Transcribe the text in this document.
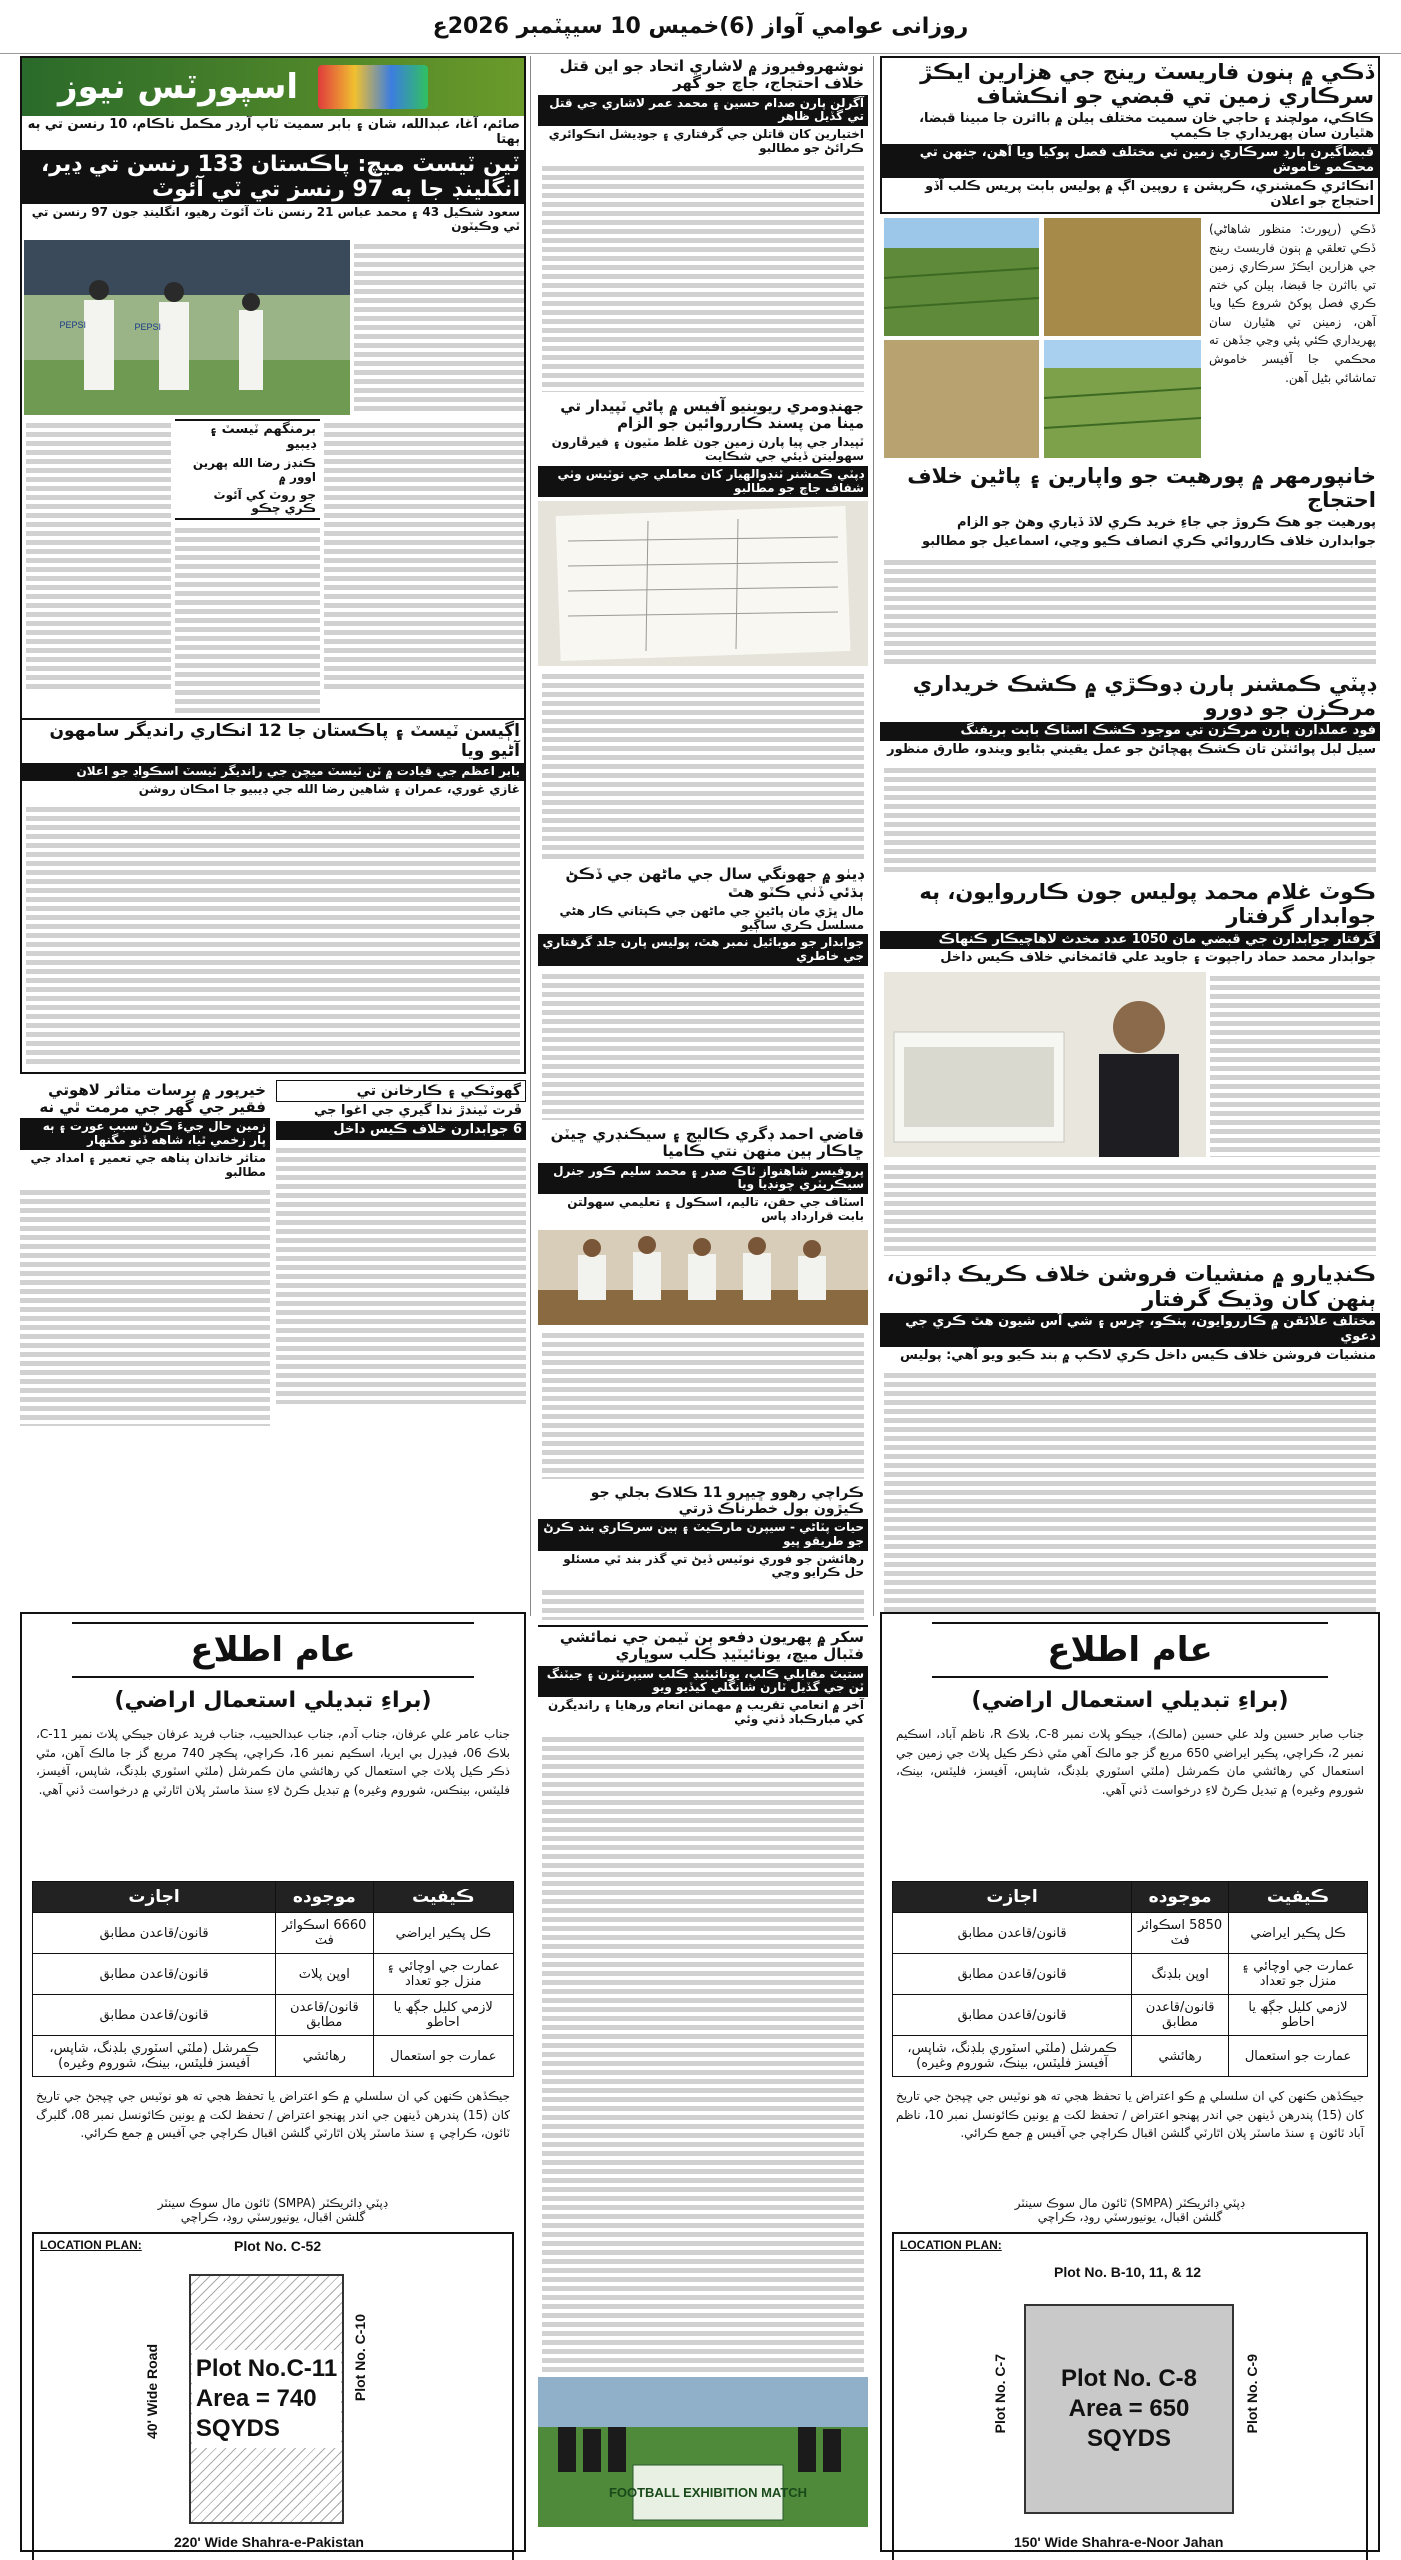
روزانی عوامي آواز (6)خميس 10 سيپٽمبر 2026ع
ڏڪي ۾ ٻنون فاريسٽ رينج جي هزارين ايڪڙ سرڪاري زمين تي قبضي جو انڪشاف
ڪاڪي، مولچند ۽ حاجي خان سميت مختلف ٻيلن ۾ بااثرن جا مبينا قبضا، هٿيارن سان پهريداري جا ڪيمپ
قبضاگيرن بارڊ سرڪاري زمين تي مختلف فصل پوکيا ويا آهن، جنهن تي محڪمو خاموش
انڪائري ڪمشنري، ڪرپشن ۽ روپين اڳ ۾ پوليس بابت پريس ڪلب آڏو احتجاج جو اعلان
ڏڪي (رپورٽ: منظور شاهاڻي) ڏڪي تعلقي ۾ ٻنون فاريسٽ رينج جي هزارين ايڪڙ سرڪاري زمين تي بااثرن جا قبضا، ٻيلن کي ختم ڪري فصل پوکڻ شروع ڪيا ويا آهن، زمينن تي هٿيارن سان پهريداري ڪئي پئي وڃي جڏهن ته محڪمي جا آفيسر خاموش تماشائي بڻيل آهن.
خانپورمهر ۾ پورهيت جو واپارين ۽ پاڻين خلاف احتجاج
پورهيت جو هڪ ڪروڙ جي جاءِ خريد ڪري لاڏ ڏياري وهڻ جو الزام
جوابدارن خلاف ڪارروائي ڪري انصاف ڪيو وڃي، اسماعيل جو مطالبو
ڊپٽي ڪمشنر ٻارن ڊوڪڙي ۾ ڪشڪ خريداري مرڪزن جو دورو
فود عملدارن ٻارن مرڪزن تي موجود ڪشڪ اسٽاڪ بابت بريفنگ
سيل لبل پوائنٽن تان ڪشڪ پهچائڻ جو عمل يقيني بڻايو ويندو، طارق منظور
ڪوٽ غلام محمد پوليس جون ڪارروايون، ٻه جوابدار گرفتار
گرفتار جوابدارن جي قبضي مان 1050 عدد مخدث لاهاچيڪار ڪنهاڪ
جوابدار محمد حماد راجپوت ۽ جاويد علي قائمخاني خلاف ڪيس داخل
ڪنڊيارو ۾ منشيات فروشن خلاف ڪريڪ ڊائون، ٻنھن کان وڌيڪ گرفتار
مختلف علائقن ۾ ڪارروايون، پنڪو، چرس ۽ شي آس شيون هٿ ڪري جي دعوي
منشيات فروشن خلاف ڪيس داخل ڪري لاڪپ ۾ بند ڪيو ويو آهي: پوليس
نوشهروفيروز ۾ لاشاري اتحاد جو اين قتل خلاف احتجاج، جاچ جو گهر
آگرلن پارن صدام حسين ۽ محمد عمر لاشاري جي قتل تي گڏيل ظاهر
اختيارين کان قاتلن جي گرفتاري ۽ جوڊيشل انڪوائري ڪرائڻ جو مطالبو
جهنڊومري ريوينيو آفيس ۾ پاڻي ٽپيدار تي مينا من پسند ڪارروائين جو الزام
ٽپيدار جي پيا پارن زمين جون غلط مٽيون ۽ فيرڦارون سهوليتن ڏيئي جي شڪايت
ڊپٽي ڪمشنر ٽنڊوالهيار کان معاملي جي نوٽيس وٺي شفاف جاچ جو مطالبو
ڊيٺو ۾ جهونگي سال جي ماڻهن جي ڏڪڻ ٻڌئي ڏٺي ڪٽو هٿ
مال ڀڙي مان پاڻين جي ماڻهن جي ڪپتاني ڪار هڻي مسلسل ڪري ساڳيو
جوابدار جو موبائيل نمبر هٿ، پوليس پارن جلد گرفتاري جي خاطري
قاضي احمد ڊگري ڪاليج ۽ سيڪنڊري ڇيٽن ڇاڪار ٻين منهن نتي ڪاميا
پروفيسر شاهنواز ٽاڪ صدر ۽ محمد سليم ڪور جنرل سيڪريٽري چونڊيا ويا
اسٽاف جي حقن، تاليم، اسڪول ۽ تعليمي سهولتن بابت قرارداد پاس
ڪراچي رهوو ڇيڀرو 11 ڪلاڪ بجلي جو ڪيڙون بول خطرناڪ ڌرتي
حيات پٽاڻي - سيپرن مارڪيٽ ۽ ٻين سرڪاري بند ڪرڻ جو طريقو پيو
رهائشن جو فوري نوٽيس ڏيڻ تي گذر بند ٿي مسئلو حل ڪرايو وڃي
اسپورٽس نيوز
صائم، آغا، عبدالله، شان ۽ بابر سميت ٽاپ آرڊر مڪمل ناڪام، 10 رنسن تي ٻه ٻهتا
ٽين ٽيسٽ ميچ: پاڪستان 133 رنسن تي ڍير، انگلينڊ جا ٻه 97 رنسز تي ٽي آئوٽ
سعود شڪيل 43 ۽ محمد عباس 21 رنسن ناٽ آئوٽ رهيو، انگلينڊ جون 97 رنسن تي ٽي وڪيٽون
PEPSI	PEPSI
برمنگهم ٽيسٽ ۽ ڊيبيو
ڪنڊز رضا الله پهرين اوور ۾
جو روٽ کي آئوٽ ڪري چڪو
اڳيسن ٽيسٽ ۽ پاڪستان جا 12 انڪاري رانديگر سامهون آڻيو ويا
بابر اعظم جي قيادت ۾ ٽن ٽيسٽ ميچن جي رانديگر ٽيسٽ اسڪواڊ جو اعلان
غازي غوري، عمران ۽ شاهين رضا الله جي ڊيبيو جا امڪان روشن
گهوٽڪي ۽ ڪارخانن تي
ڦرت ٽيندڙ ندا گيري جي اغوا جي
6 جوابدارن خلاف ڪيس داخل
خيرپور ۾ برسات متاثر لاهوتي فقير جي گهر جي مرمت ٿي نه
زمين حال جيءَ ڪرڻ سبب عورت ۽ ٻه پار زخمي ٿيا، شاهه ڏنو مگنهار
متاثر خاندان پناهه جي تعمير ۽ امداد جي مطالبو
عام اطلاع
(براءِ تبديلي استعمال اراضي)
جناب عامر علي عرفان، جناب آدم، جناب عبدالحبيب، جناب فريد عرفان جيڪي پلاٽ نمبر C-11، بلاڪ 06، فيڊرل بي ايريا، اسڪيم نمبر 16، ڪراچي، پڪچر 740 مربع گز جا مالڪ آهن، مٿي ذڪر ڪيل پلاٽ جي استعمال کي رهائشي مان ڪمرشل (ملٽي اسٽوري بلڊنگ، شاپس، آفيسز، فليٽس، بينڪس، شوروم وغيره) ۾ تبديل ڪرڻ لاءِ سنڌ ماسٽر پلان اٿارٽي ۾ درخواست ڏني آهي.
ڪيفيت	موجوده	اجازت
ڪل پڪير ايراضي	6660 اسڪوائر فٽ	قانون/قاعدن مطابق
عمارت جي اوچائي ۽ منزل جو تعداد	اوپن پلاٽ	قانون/قاعدن مطابق
لازمي کليل جڳھ يا احاطو	قانون/قاعدن مطابق	قانون/قاعدن مطابق
عمارت جو استعمال	رهائشي	ڪمرشل (ملٽي اسٽوري بلڊنگ، شاپس، آفيسز فليٽس، بينڪ، شوروم وغيره)
جيڪڏهن ڪنهن کي ان سلسلي ۾ ڪو اعتراض يا تحفظ هجي ته هو نوٽيس جي ڇپجڻ جي تاريخ کان (15) پندرهن ڏينهن جي اندر پهنجو اعتراض / تحفظ لکت ۾ يونين ڪائونسل نمبر 08، گلبرگ ٽائون، ڪراچي ۽ سنڌ ماسٽر پلان اٿارٽي گلشن اقبال ڪراچي جي آفيس ۾ جمع ڪرائي.
ڊپٽي ڊائريڪٽر (SMPA) ٽائون مال سوڪ سينٽر
گلشن اقبال، يونيورسٽي روڊ، ڪراچي
LOCATION PLAN:	Plot No. C-52
Plot No.C-11
Area = 740
SQYDS
Plot No. C-10
40' Wide Road
220' Wide Shahra-e-Pakistan
سکر ۾ پهريون دفعو ٻن ٽيمن جي نمائشي فٽبال ميچ، يونائيٽيڊ ڪلب سوڀاري
ستيٽ مقابلي ڪلپ، يونائيٽيڊ ڪلب سيپرنٽرن ۽ جيٽنگ ٽن جي گڏيل ٽارن شانگلي کيڏيو ويو
آخر ۾ انعامي تقريب ۾ مهمانن انعام ورهايا ۽ رانديگرن کي مبارڪباد ڏني وئي
FOOTBALL EXHIBITION MATCH
عام اطلاع
(براءِ تبديلي استعمال اراضي)
جناب صابر حسين ولد علي حسين (مالڪ)، جيڪو پلاٽ نمبر C-8، بلاڪ R، ناظم آباد، اسڪيم نمبر 2، ڪراچي، پڪير ايراضي 650 مربع گز جو مالڪ آهي مٿي ذڪر ڪيل پلاٽ جي زمين جي استعمال کي رهائشي مان ڪمرشل (ملٽي اسٽوري بلڊنگ، شاپس، آفيسز، فليٽس، بينڪ، شوروم وغيره) ۾ تبديل ڪرڻ لاءِ درخواست ڏني آهي.
ڪيفيت	موجوده	اجازت
ڪل پڪير ايراضي	5850 اسڪوائر فٽ	قانون/قاعدن مطابق
عمارت جي اوچائي ۽ منزل جو تعداد	اوپن بلڊنگ	قانون/قاعدن مطابق
لازمي کليل جڳھ يا احاطو	قانون/قاعدن مطابق	قانون/قاعدن مطابق
عمارت جو استعمال	رهائشي	ڪمرشل (ملٽي اسٽوري بلڊنگ، شاپس، آفيسز فليٽس، بينڪ، شوروم وغيره)
جيڪڏهن ڪنهن کي ان سلسلي ۾ ڪو اعتراض يا تحفظ هجي ته هو نوٽيس جي ڇپجڻ جي تاريخ کان (15) پندرهن ڏينهن جي اندر پهنجو اعتراض / تحفظ لکت ۾ يونين ڪائونسل نمبر 10، ناظم آباد ٽائون ۽ سنڌ ماسٽر پلان اٿارٽي گلشن اقبال ڪراچي جي آفيس ۾ جمع ڪرائي.
ڊپٽي ڊائريڪٽر (SMPA) ٽائون مال سوڪ سينٽر
گلشن اقبال، يونيورسٽي روڊ، ڪراچي
LOCATION PLAN:
Plot No. B-10, 11, & 12
Plot No. C-8
Area = 650
SQYDS
Plot No. C-7	Plot No. C-9
150' Wide Shahra-e-Noor Jahan
